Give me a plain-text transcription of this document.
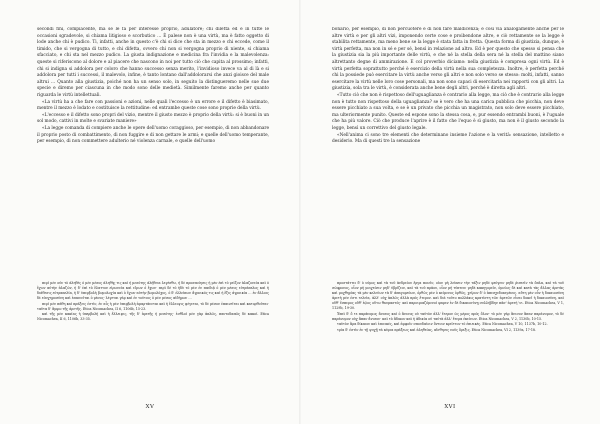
secondi fini, compiacente, ma se le fa per interesse proprio, adulatore; chi diletta ed è in tutte le occasioni sgradevole, si chiama litigioso e scorbutico … È palese non è una virtù, ma è fatto oggetto di lode anche chi è pudico. Ti, infatti, anche in questo c'è chi si dice che sta in mezzo e chi eccede, come il timido, che si vergogna di tutto, e chi difetta, ovvero chi non si vergogna proprio di niente, si chiama sfacciato, e chi sta nel mezzo pudico. La giusta indignazione e medicina fra l'invidia e la malevolenza: queste si riferiscono al dolore e al piacere che nascono in noi per tutto ciò che capita al prossimo; infatti, chi si indigna si addolora per coloro che hanno successo senza merito, l'invidioso invece va al di là e si addolora per tutti i successi, il malevolo, infine, è tanto lontano dall'addolorarsi che anzi gioisce del male altrui … Quanto alla giustizia, poiché non ha un senso solo, in seguito la distingueremo nelle sue due specie e diremo per ciascuna in che modo sono delle medietà. Similmente faremo anche per quanto riguarda le virtù intellettuali.

«La virtù ha a che fare con passioni e azioni, nelle quali l'eccesso è un errore e il difetto è biasimato, mentre il mezzo è lodato e costituisce la rettitudine: ed entrambe queste cose sono proprie della virtù.

«L'eccesso e il difetto sono propri del vizio, mentre il giusto mezzo è proprio della virtù: si è buoni in un sol modo, cattivi in molte e svariate maniere»

«La legge comanda di compiere anche le opere dell'uomo coraggioso, per esempio, di non abbandonare il proprio posto di combattimento, di non fuggire e di non gettare le armi; e quelle dell'uomo temperante, per esempio, di non commettere adulterio né violenza carnale, e quelle dell'uomo

περὶ μὲν οὖν τὸ ἀληθὲς ὁ μὲν μέσος ἀληθής τις καὶ ἡ μεσότης ἀλήθεια λεγέσθω, ἡ δὲ προσποίησις ἡ μὲν ἐπὶ τὸ μεῖζον ἀλαζονεία καὶ ὁ ἔχων αὐτὴν ἀλαζών, ἡ δ' ἐπὶ τὸ ἔλαττον εἰρωνεία καὶ εἴρων ὁ ἔχων· περὶ δὲ τὸ ἡδὺ τὸ μὲν ἐν παιδιᾷ ὁ μὲν μέσος εὐτράπελος καὶ ἡ διάθεσις εὐτραπελία, ἡ δ' ὑπερβολὴ βωμολοχία καὶ ὁ ἔχων αὐτὴν βωμολόχος, ὁ δ' ἐλλείπων ἄγροικός τις καὶ ἡ ἕξις ἀγροικία … ἐν ἄλλοις δὲ εὐσχημοσύνη καὶ ἐπαινεῖται ὁ μέσος· λέγεται γὰρ καὶ ἐν τούτοις ὁ μὲν μέσος αἰδήμων …

περὶ μὲν πάθη καὶ πράξεις ἐστίν, ἐν αἷς ἡ μὲν ὑπερβολὴ ἁμαρτάνεται καὶ ἡ ἔλλειψις ψέγεται, τὸ δὲ μέσον ἐπαινεῖται καὶ κατορθοῦται· ταῦτα δ' ἄμφω τῆς ἀρετῆς. Etica Nicomachea, II 6, 1106b, 15-23.

καὶ τῆς μὲν κακίας ἡ ὑπερβολὴ καὶ ἡ ἔλλειψις, τῆς δ' ἀρετῆς ἡ μεσότης· ἐσθλοὶ μὲν γὰρ ἁπλῶς, παντοδαπῶς δὲ κακοί. Etica Nicomachea, II 6, 1106b, 33-35.

XV

bonario, per esempio, di non percuotere e di non fare maldicenza; e così via analogamente anche per le altre virtù e per gli altri vizi, imponendo certe cose e proibendone altre, e ciò rettamente se la legge è stabilita rettamente, ma meno bene se la legge è stata fatta in fretta. Questa forma di giustizia, dunque, è virtù perfetta, ma non in sé e per sé, bensì in relazione ad altro. Ed è per questo che spesso si pensa che la giustizia sia la più importante delle virtù, e che né la stella della sera né la stella del mattino siano altrettanto degne di ammirazione. E col proverbio diciamo: nella giustizia è compresa ogni virtù. Ed è virtù perfetta soprattutto perché è esercizio della virtù nella sua completezza. Inoltre, è perfetta perché chi la possiede può esercitare la virtù anche verso gli altri e non solo verso se stesso: molti, infatti, sanno esercitare la virtù nelle loro cose personali, ma non sono capaci di esercitarla nei rapporti con gli altri. La giustizia, sola tra le virtù, è considerata anche bene degli altri, perché è diretta agli altri.

«Tutto ciò che non è rispettoso dell'uguaglianza è contrario alla legge, ma ciò che è contrario alla legge non è tutto non rispettoso della uguaglianza? se è vero che ha una carica pubblica che picchia, non deve essere picchiato a sua volta, e se è un privato che picchia un magistrato, non solo deve essere picchiato, ma ulteriormente punito. Queste ed espone sono la stessa cosa, e, pur essendo entrambi buoni, è l'uguale che ha più valore. Ciò che produce l'aprire è il fatto che l'equo è sì giusto, ma non è il giusto secondo la legge, bensì un correttivo del giusto legale.

«Nell'anima ci sono tre elementi che determinano insieme l'azione e la verità: sensazione, intelletto e desiderio. Ma di questi tre la sensazione

προστάττει δ' ὁ νόμος καὶ τὰ τοῦ ἀνδρείου ἔργα ποιεῖν, οἷον μὴ λείπειν τὴν τάξιν μηδὲ φεύγειν μηδὲ ῥιπτεῖν τὰ ὅπλα, καὶ τὰ τοῦ σώφρονος, οἷον μὴ μοιχεύειν μηδ' ὑβρίζειν, καὶ τὰ τοῦ πράου, οἷον μὴ τύπτειν μηδὲ κακηγορεῖν, ὁμοίως δὲ καὶ κατὰ τὰς ἄλλας ἀρετὰς καὶ μοχθηρίας τὰ μὲν κελεύων τὰ δ' ἀπαγορεύων, ὀρθῶς μὲν ὁ κείμενος ὀρθῶς, χεῖρον δ' ὁ ἀπεσχεδιασμένος. αὕτη μὲν οὖν ἡ δικαιοσύνη ἀρετὴ μέν ἐστι τελεία, ἀλλ' οὐχ ἁπλῶς ἀλλὰ πρὸς ἕτερον. καὶ διὰ τοῦτο πολλάκις κρατίστη τῶν ἀρετῶν εἶναι δοκεῖ ἡ δικαιοσύνη, καὶ οὔθ' ἕσπερος οὔθ' ἑῷος οὕτω θαυμαστός· καὶ παροιμιαζόμενοί φαμεν ἐν δὲ δικαιοσύνῃ συλλήβδην πᾶσ' ἀρετὴ 'νι. Etica Nicomachea, V 1, 1129b, 19-30.

Ἐπεὶ δ' ὅ τε παράνομος ἄνισος καὶ ὁ ἄνισος οὐ ταὐτὸν ἀλλ' ἕτερον ὡς μέρος πρὸς ὅλον· τὸ μὲν γὰρ ἄνισον ἅπαν παράνομον, τὸ δὲ παράνομον οὐχ ἅπαν ἄνισον· καὶ τὸ ἄδικον καὶ ἡ ἀδικία οὐ ταὐτὰ ἀλλ' ἕτερα ἐκείνων. Etica Nicomachea, V 2, 1130b, 10-15.

ταὐτὸν ἄρα δίκαιον καὶ ἐπιεικές, καὶ ἀμφοῖν σπουδαίοιν ὄντοιν κρεῖττον τὸ ἐπιεικές. Etica Nicomachea, V 10, 1137b, 10-12.

τρία δ' ἐστὶν ἐν τῇ ψυχῇ τὰ κύρια πράξεως καὶ ἀληθείας, αἴσθησις νοῦς ὄρεξις. Etica Nicomachea, VI 2, 1139a, 17-18.

XVI
